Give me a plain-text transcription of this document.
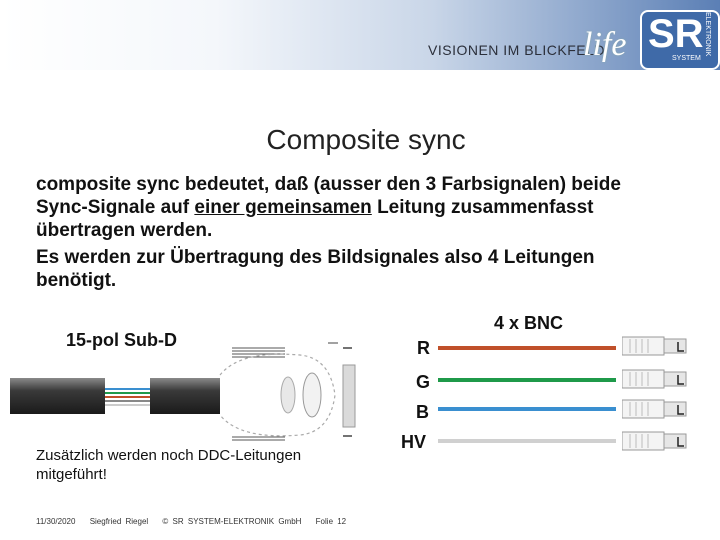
VISIONEN IM BLICKFELD
life SR
SYSTEM
ELEKTRONIK
Composite sync

composite sync bedeutet, daß (ausser den 3 Farbsignalen) beide Sync-Signale auf einer gemeinsamen Leitung zusammenfasst übertragen werden.

Es werden zur Übertragung des Bildsignales also 4 Leitungen benötigt.

15-pol Sub-D
4 x BNC
R
G
B
HV
Zusätzlich werden noch DDC-Leitungen mitgeführt!
11/30/2020 Siegfried Riegel © SR SYSTEM-ELEKTRONIK GmbH Folie 12
